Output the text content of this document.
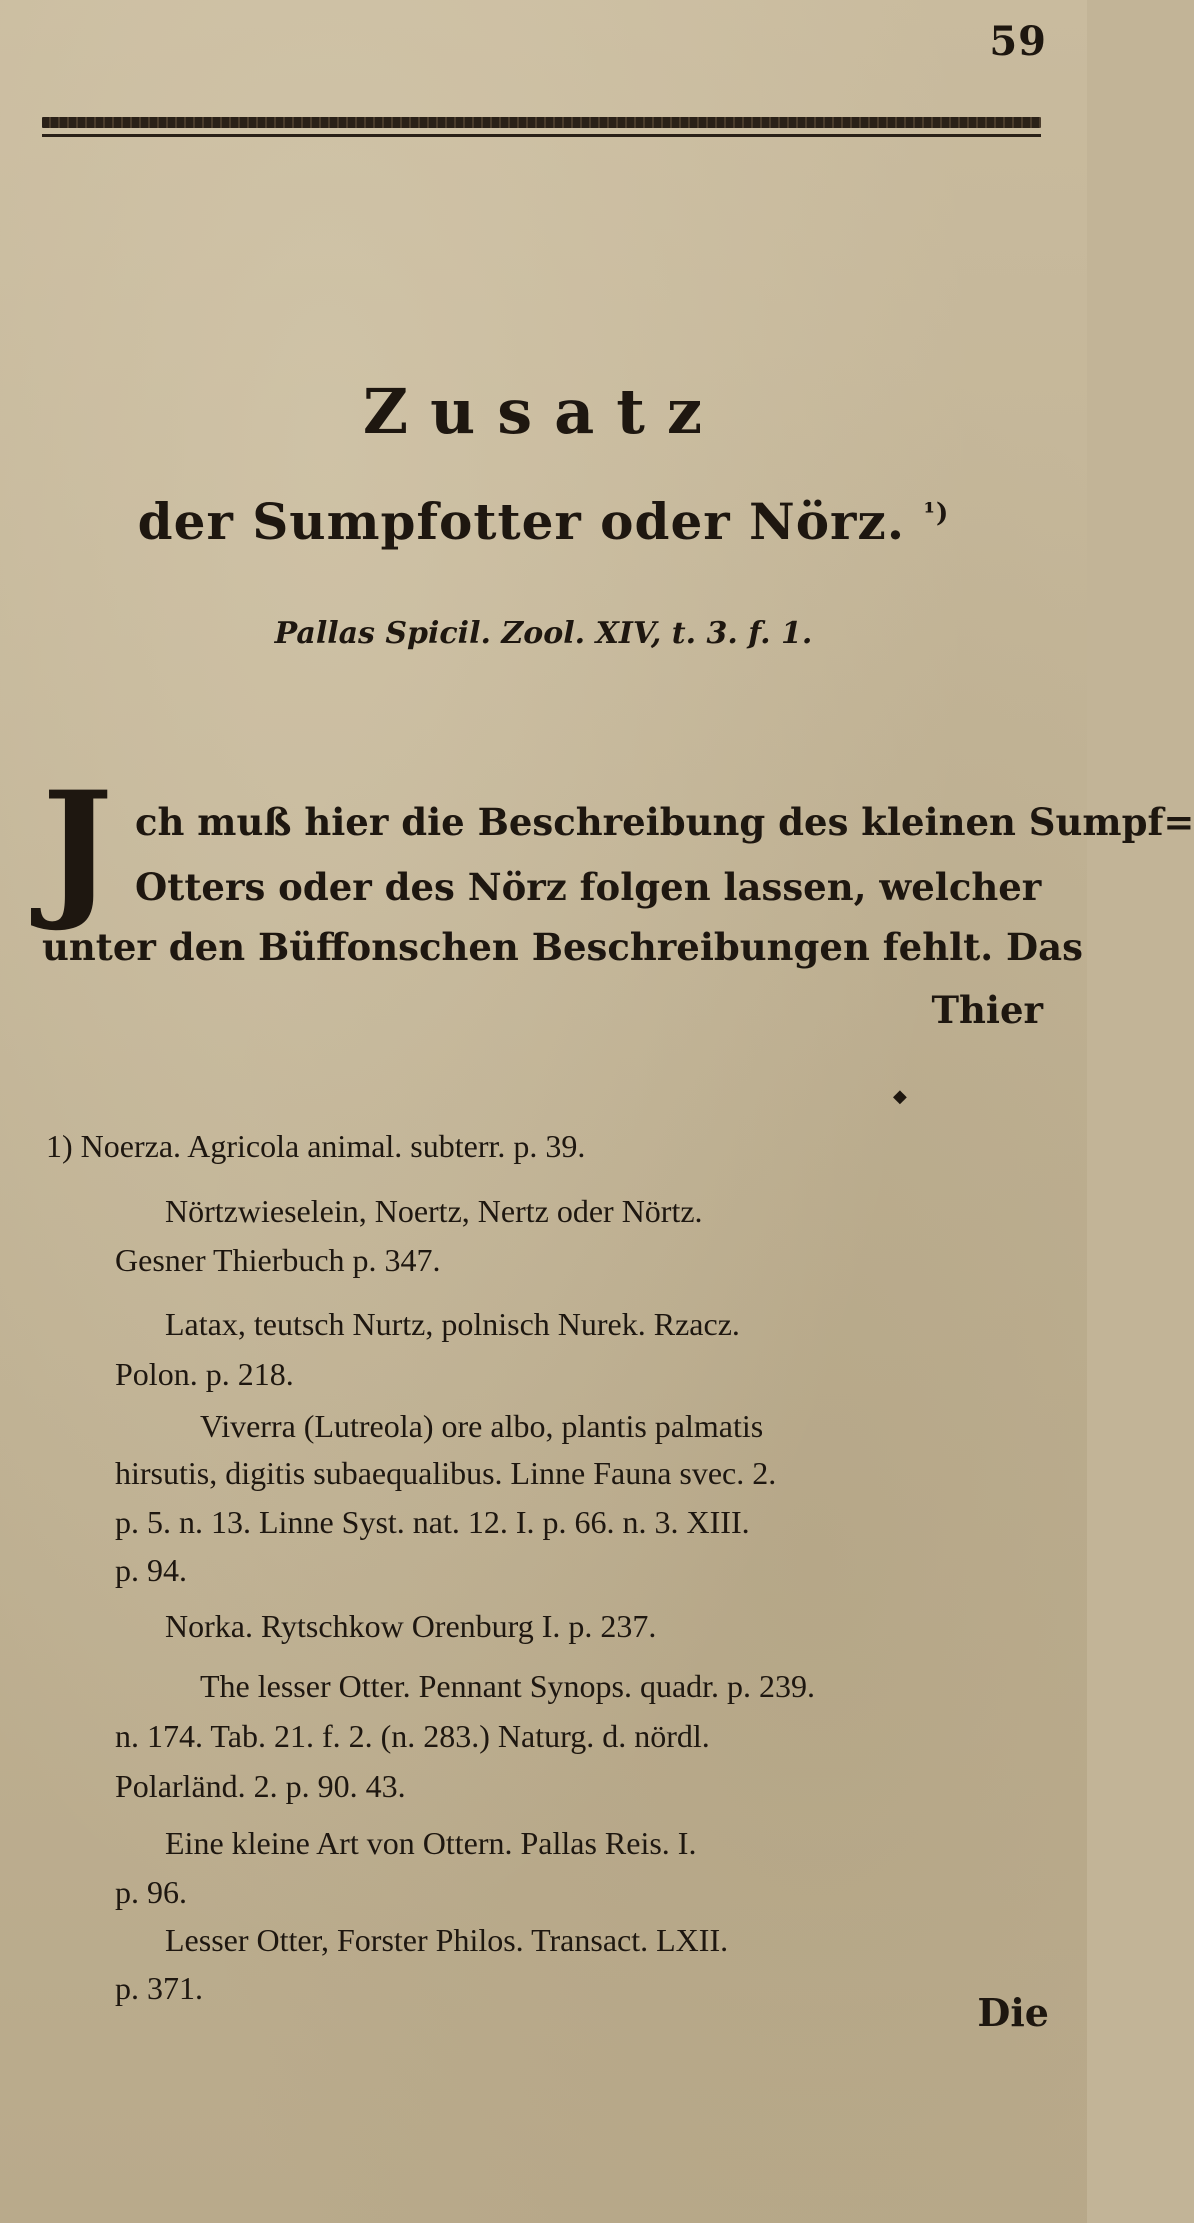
59
Zusatz
der Sumpfotter oder Nörz. $^{^1)}$
Pallas Spicil. Zool. XIV, t. 3. f. 1.
J ch muß hier die Beschreibung des kleinen Sumpf=
Otters oder des Nörz folgen lassen, welcher
unter den Büffonschen Beschreibungen fehlt. Das
Thier
◆
1) Noerza. Agricola animal. subterr. p. 39.
Nörtzwieselein, Noertz, Nertz oder Nörtz.
Gesner Thierbuch p. 347.
Latax, teutsch Nurtz, polnisch Nurek. Rzacz.
Polon. p. 218.
Viverra (Lutreola) ore albo, plantis palmatis
hirsutis, digitis subaequalibus. Linne Fauna svec. 2.
p. 5. n. 13. Linne Syst. nat. 12. I. p. 66. n. 3. XIII.
p. 94.
Norka. Rytschkow Orenburg I. p. 237.
The lesser Otter. Pennant Synops. quadr. p. 239.
n. 174. Tab. 21. f. 2. (n. 283.) Naturg. d. nördl.
Polarländ. 2. p. 90. 43.
Eine kleine Art von Ottern. Pallas Reis. I.
p. 96.
Lesser Otter, Forster Philos. Transact. LXII.
p. 371.
Die
